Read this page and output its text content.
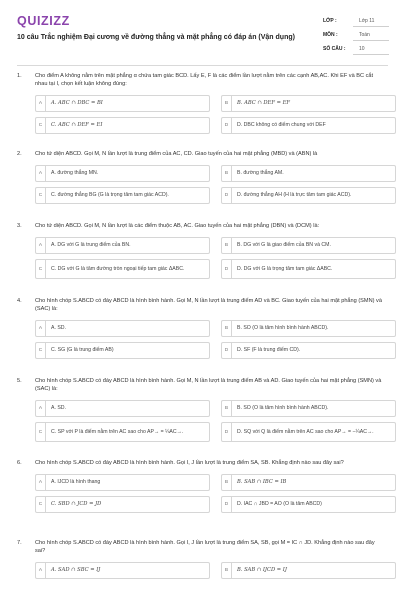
QUIZIZZ
10 câu Trắc nghiệm Đại cương về đường thẳng và mặt phẳng có đáp án (Vận dụng)
LỚP :	Lớp 11
MÔN :	Toán
SỐ CÂU :	10
1.	Cho điểm A không nằm trên mặt phẳng α chứa tam giác BCD. Lấy E, F là các điểm lần lượt nằm trên các cạnh AB,AC. Khi EF và BC cắt nhau tại I, chọn kết luận không đúng:
A	A. ABC ∩ DBC = BI	B	B. ABC ∩ DEF = EF
C	C. ABC ∩ DEF = EI	D	D. DBC không có điểm chung với DEF
2.	Cho tứ diện ABCD. Gọi M, N lần lượt là trung điểm của AC, CD. Giao tuyến của hai mặt phẳng (MBD) và (ABN) là
A	A. đường thẳng MN.	B	B. đường thẳng AM.
C	C. đường thẳng BG (G là trọng tâm tam giác ACD).	D	D. đường thẳng AH (H là trực tâm tam giác ACD).
3.	Cho tứ diện ABCD. Gọi M, N lần lượt là các điểm thuộc AB, AC. Giao tuyến của hai mặt phẳng (DBN) và (DCM) là:
A	A. DG với G là trung điểm của BN.	B	B. DG với G là giao điểm của BN và CM.
C	C. DG với G là tâm đường tròn ngoại tiếp tam giác ΔABC.	D	D. DG với G là trọng tâm tam giác ΔABC.
4.	Cho hình chóp S.ABCD có đáy ABCD là hình bình hành. Gọi M, N lần lượt là trung điểm AD và BC. Giao tuyến của hai mặt phẳng (SMN) và (SAC) là:
A	A. SD.	B	B. SO (O là tâm hình bình hành ABCD).
C	C. SG (G là trung điểm AB)	D	D. SF (F là trung điểm CD).
5.	Cho hình chóp S.ABCD có đáy ABCD là hình bình hành. Gọi M, N lần lượt là trung điểm AB và AD. Giao tuyến của hai mặt phẳng (SMN) và (SAC) là:
A	A. SD.	B	B. SO (O là tâm hình bình hành ABCD).
C	C. SP với P là điểm nằm trên AC sao cho AP→ = ¼AC→.	D	D. SQ với Q là điểm nằm trên AC sao cho AP→ = −¼AC→.
6.	Cho hình chóp S.ABCD có đáy ABCD là hình bình hành. Gọi I, J lần lượt là trung điểm SA, SB. Khẳng định nào sau đây sai?
A	A. IJCD là hình thang	B	B. SAB ∩ IBC = IB
C	C. SBD ∩ JCD = JD	D	D. IAC ∩ JBD = AO (O là tâm ABCD)
7.	Cho hình chóp S.ABCD có đáy ABCD là hình bình hành. Gọi I, J lần lượt là trung điểm SA, SB, gọi M = IC ∩ JD. Khẳng định nào sau đây sai?
A	A. SAD ∩ SBC = IJ	B	B. SAB ∩ IJCD = IJ
